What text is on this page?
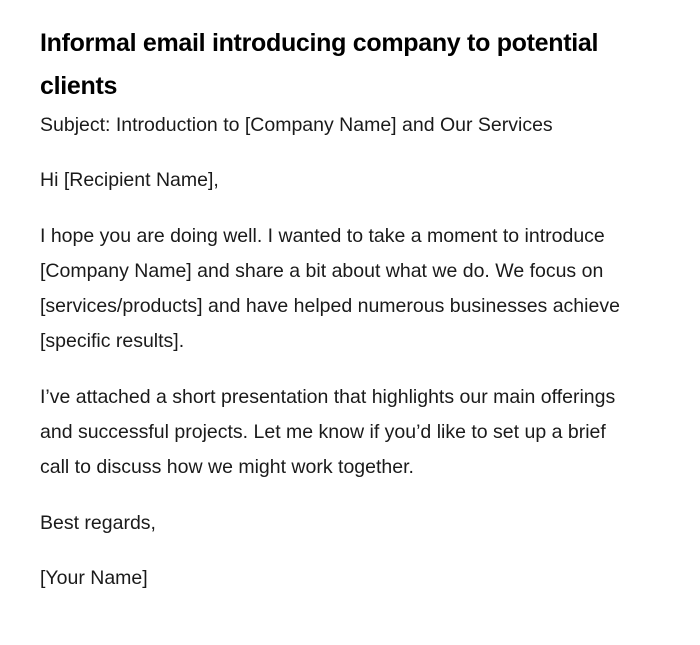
Informal email introducing company to potential clients

Subject: Introduction to [Company Name] and Our Services

Hi [Recipient Name],

I hope you are doing well. I wanted to take a moment to introduce [Company Name] and share a bit about what we do. We focus on [services/products] and have helped numerous businesses achieve [specific results].

I’ve attached a short presentation that highlights our main offerings and successful projects. Let me know if you’d like to set up a brief call to discuss how we might work together.

Best regards,

[Your Name]
